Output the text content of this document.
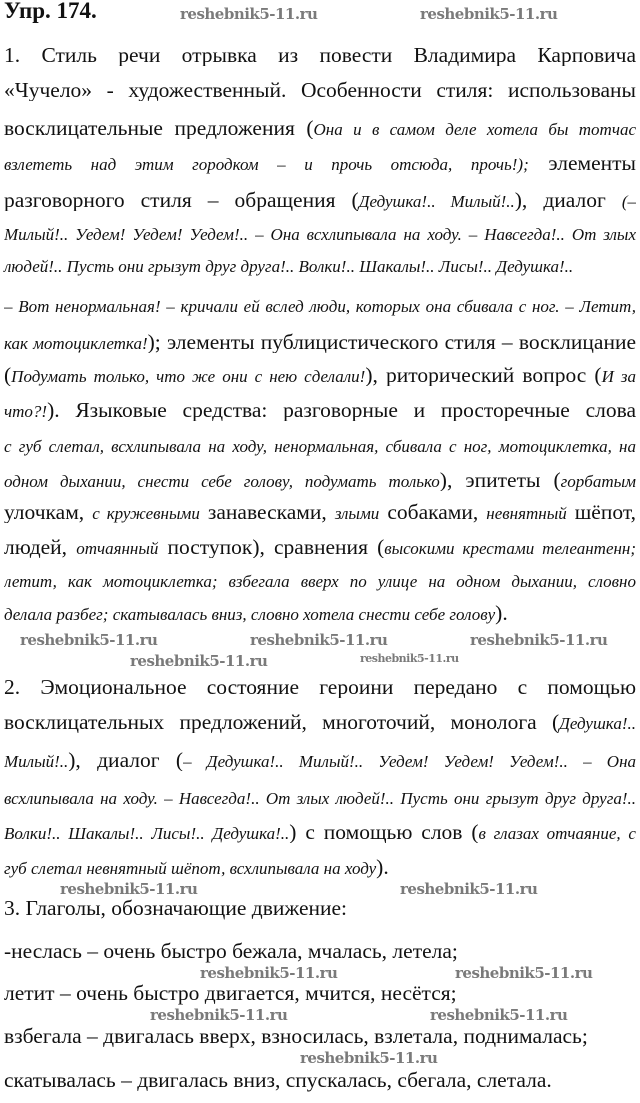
Упр. 174.
1. Стиль речи отрывка из повести Владимира Карповича
«Чучело» - художественный. Особенности стиля: использованы
восклицательные предложения (Она и в самом деле хотела бы тотчас
взлететь над этим городком – и прочь отсюда, прочь!); элементы
разговорного стиля – обращения (Дедушка!.. Милый!..), диалог (–
Милый!.. Уедем! Уедем! Уедем!.. – Она всхлипывала на ходу. – Навсегда!.. От злых
людей!.. Пусть они грызут друг друга!.. Волки!.. Шакалы!.. Лисы!.. Дедушка!..
– Вот ненормальная! – кричали ей вслед люди, которых она сбивала с ног. – Летит,
как мотоциклетка!); элементы публицистического стиля – восклицание
(Подумать только, что же они с нею сделали!), риторический вопрос (И за
что?!). Языковые средства: разговорные и просторечные слова
с губ слетал, всхлипывала на ходу, ненормальная, сбивала с ног, мотоциклетка, на
одном дыхании, снести себе голову, подумать только), эпитеты (горбатым
улочкам, с кружевными занавесками, злыми собаками, невнятный шёпот,
людей, отчаянный поступок), сравнения (высокими крестами телеантенн;
летит, как мотоциклетка; взбегала вверх по улице на одном дыхании, словно
делала разбег; скатывалась вниз, словно хотела снести себе голову).
2. Эмоциональное состояние героини передано с помощью
восклицательных предложений, многоточий, монолога (Дедушка!..
Милый!..), диалог (– Дедушка!.. Милый!.. Уедем! Уедем! Уедем!.. – Она
всхлипывала на ходу. – Навсегда!.. От злых людей!.. Пусть они грызут друг друга!..
Волки!.. Шакалы!.. Лисы!.. Дедушка!..) с помощью слов (в глазах отчаяние, с
губ слетал невнятный шёпот, всхлипывала на ходу).
3. Глаголы, обозначающие движение:
-неслась – очень быстро бежала, мчалась, летела;
летит – очень быстро двигается, мчится, несётся;
взбегала – двигалась вверх, взносилась, взлетала, поднималась;
скатывалась – двигалась вниз, спускалась, сбегала, слетала.
reshebnik5-11.ru	reshebnik5-11.ru
reshebnik5-11.ru	reshebnik5-11.ru	reshebnik5-11.ru
reshebnik5-11.ru	reshebnik5-11.ru
reshebnik5-11.ru	reshebnik5-11.ru
reshebnik5-11.ru	reshebnik5-11.ru
reshebnik5-11.ru	reshebnik5-11.ru
reshebnik5-11.ru
